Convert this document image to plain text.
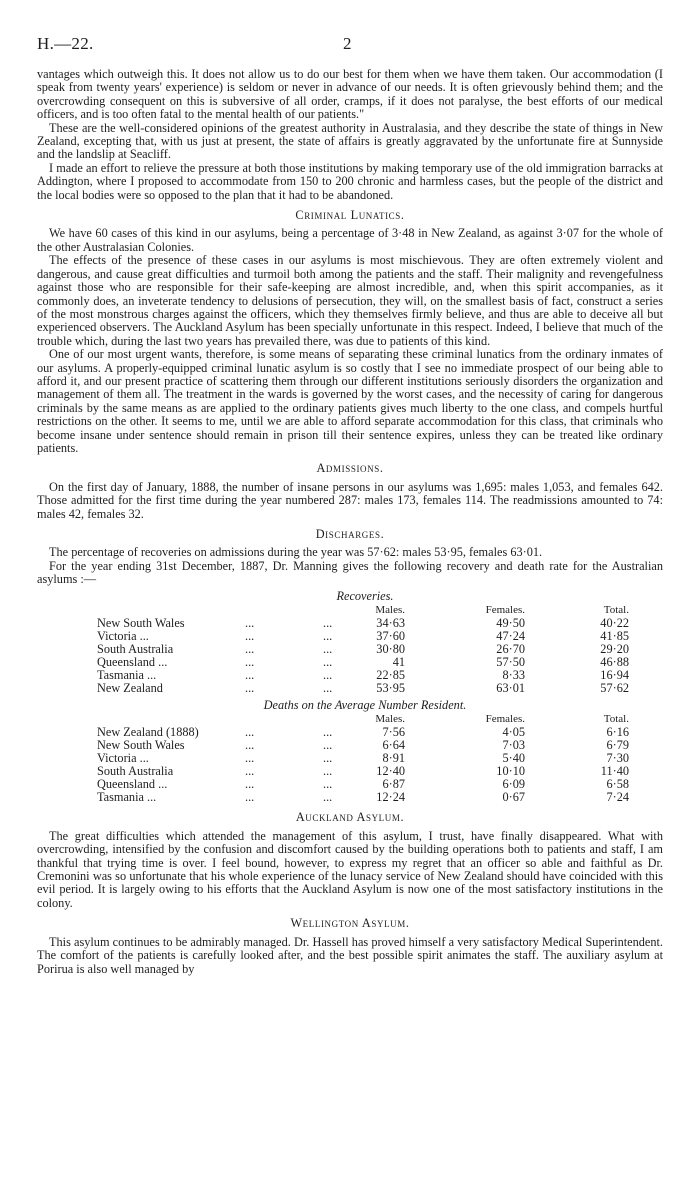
H.—22.	2

vantages which outweigh this. It does not allow us to do our best for them when we have them taken. Our accommodation (I speak from twenty years' experience) is seldom or never in advance of our needs. It is often grievously behind them; and the overcrowding consequent on this is subversive of all order, cramps, if it does not paralyse, the best efforts of our medical officers, and is too often fatal to the mental health of our patients."

These are the well-considered opinions of the greatest authority in Australasia, and they describe the state of things in New Zealand, excepting that, with us just at present, the state of affairs is greatly aggravated by the unfortunate fire at Sunnyside and the landslip at Seacliff.

I made an effort to relieve the pressure at both those institutions by making temporary use of the old immigration barracks at Addington, where I proposed to accommodate from 150 to 200 chronic and harmless cases, but the people of the district and the local bodies were so opposed to the plan that it had to be abandoned.

Criminal Lunatics.

We have 60 cases of this kind in our asylums, being a percentage of 3·48 in New Zealand, as against 3·07 for the whole of the other Australasian Colonies.

The effects of the presence of these cases in our asylums is most mischievous. They are often extremely violent and dangerous, and cause great difficulties and turmoil both among the patients and the staff. Their malignity and revengefulness against those who are responsible for their safe-keeping are almost incredible, and, when this spirit accompanies, as it commonly does, an inveterate tendency to delusions of persecution, they will, on the smallest basis of fact, construct a series of the most monstrous charges against the officers, which they themselves firmly believe, and thus are able to deceive all but experienced observers. The Auckland Asylum has been specially unfortunate in this respect. Indeed, I believe that much of the trouble which, during the last two years has prevailed there, was due to patients of this kind.

One of our most urgent wants, therefore, is some means of separating these criminal lunatics from the ordinary inmates of our asylums. A properly-equipped criminal lunatic asylum is so costly that I see no immediate prospect of our being able to afford it, and our present practice of scattering them through our different institutions seriously disorders the organization and management of them all. The treatment in the wards is governed by the worst cases, and the necessity of caring for dangerous criminals by the same means as are applied to the ordinary patients gives much liberty to the one class, and compels hurtful restrictions on the other. It seems to me, until we are able to afford separate accommodation for this class, that criminals who become insane under sentence should remain in prison till their sentence expires, unless they can be treated like ordinary patients.

Admissions.

On the first day of January, 1888, the number of insane persons in our asylums was 1,695: males 1,053, and females 642. Those admitted for the first time during the year numbered 287: males 173, females 114. The readmissions amounted to 74: males 42, females 32.

Discharges.

The percentage of recoveries on admissions during the year was 57·62: males 53·95, females 63·01.

For the year ending 31st December, 1887, Dr. Manning gives the following recovery and death rate for the Australian asylums :—

Recoveries.
Males.	Females.	Total.
New South Wales	...	...	34·63	49·50	40·22
Victoria ...	...	...	37·60	47·24	41·85
South Australia	...	...	30·80	26·70	29·20
Queensland ...	...	...	41	57·50	46·88
Tasmania ...	...	...	22·85	8·33	16·94
New Zealand	...	...	53·95	63·01	57·62
Deaths on the Average Number Resident.
Males.	Females.	Total.
New Zealand (1888)	...	...	7·56	4·05	6·16
New South Wales	...	...	6·64	7·03	6·79
Victoria ...	...	...	8·91	5·40	7·30
South Australia	...	...	12·40	10·10	11·40
Queensland ...	...	...	6·87	6·09	6·58
Tasmania ...	...	...	12·24	0·67	7·24
Auckland Asylum.

The great difficulties which attended the management of this asylum, I trust, have finally disappeared. What with overcrowding, intensified by the confusion and discomfort caused by the building operations both to patients and staff, I am thankful that trying time is over. I feel bound, however, to express my regret that an officer so able and faithful as Dr. Cremonini was so unfortunate that his whole experience of the lunacy service of New Zealand should have coincided with this evil period. It is largely owing to his efforts that the Auckland Asylum is now one of the most satisfactory institutions in the colony.

Wellington Asylum.

This asylum continues to be admirably managed. Dr. Hassell has proved himself a very satisfactory Medical Superintendent. The comfort of the patients is carefully looked after, and the best possible spirit animates the staff. The auxiliary asylum at Porirua is also well managed by
